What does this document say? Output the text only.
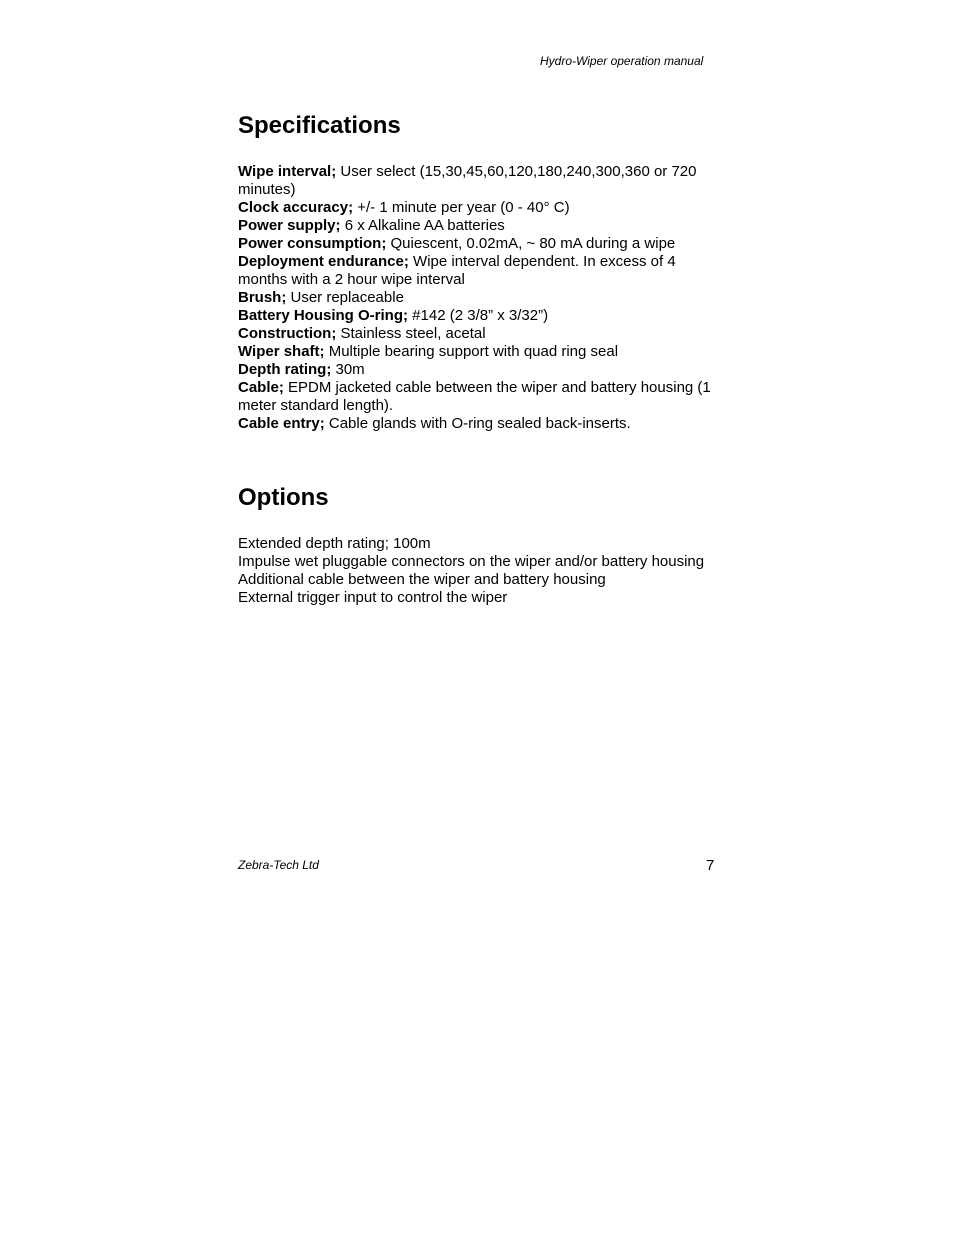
Hydro-Wiper operation manual
Specifications

Wipe interval; User select (15,30,45,60,120,180,240,300,360 or 720 minutes)

Clock accuracy; +/- 1 minute per year (0 - 40° C)

Power supply; 6 x Alkaline AA batteries

Power consumption; Quiescent, 0.02mA, ~ 80 mA during a wipe

Deployment endurance; Wipe interval dependent. In excess of 4 months with a 2 hour wipe interval

Brush; User replaceable

Battery Housing O-ring; #142 (2 3/8” x 3/32”)

Construction; Stainless steel, acetal

Wiper shaft; Multiple bearing support with quad ring seal

Depth rating; 30m

Cable; EPDM jacketed cable between the wiper and battery housing (1 meter standard length).

Cable entry; Cable glands with O-ring sealed back-inserts.

Options

Extended depth rating; 100m

Impulse wet pluggable connectors on the wiper and/or battery housing

Additional cable between the wiper and battery housing

External trigger input to control the wiper

Zebra-Tech Ltd	7
